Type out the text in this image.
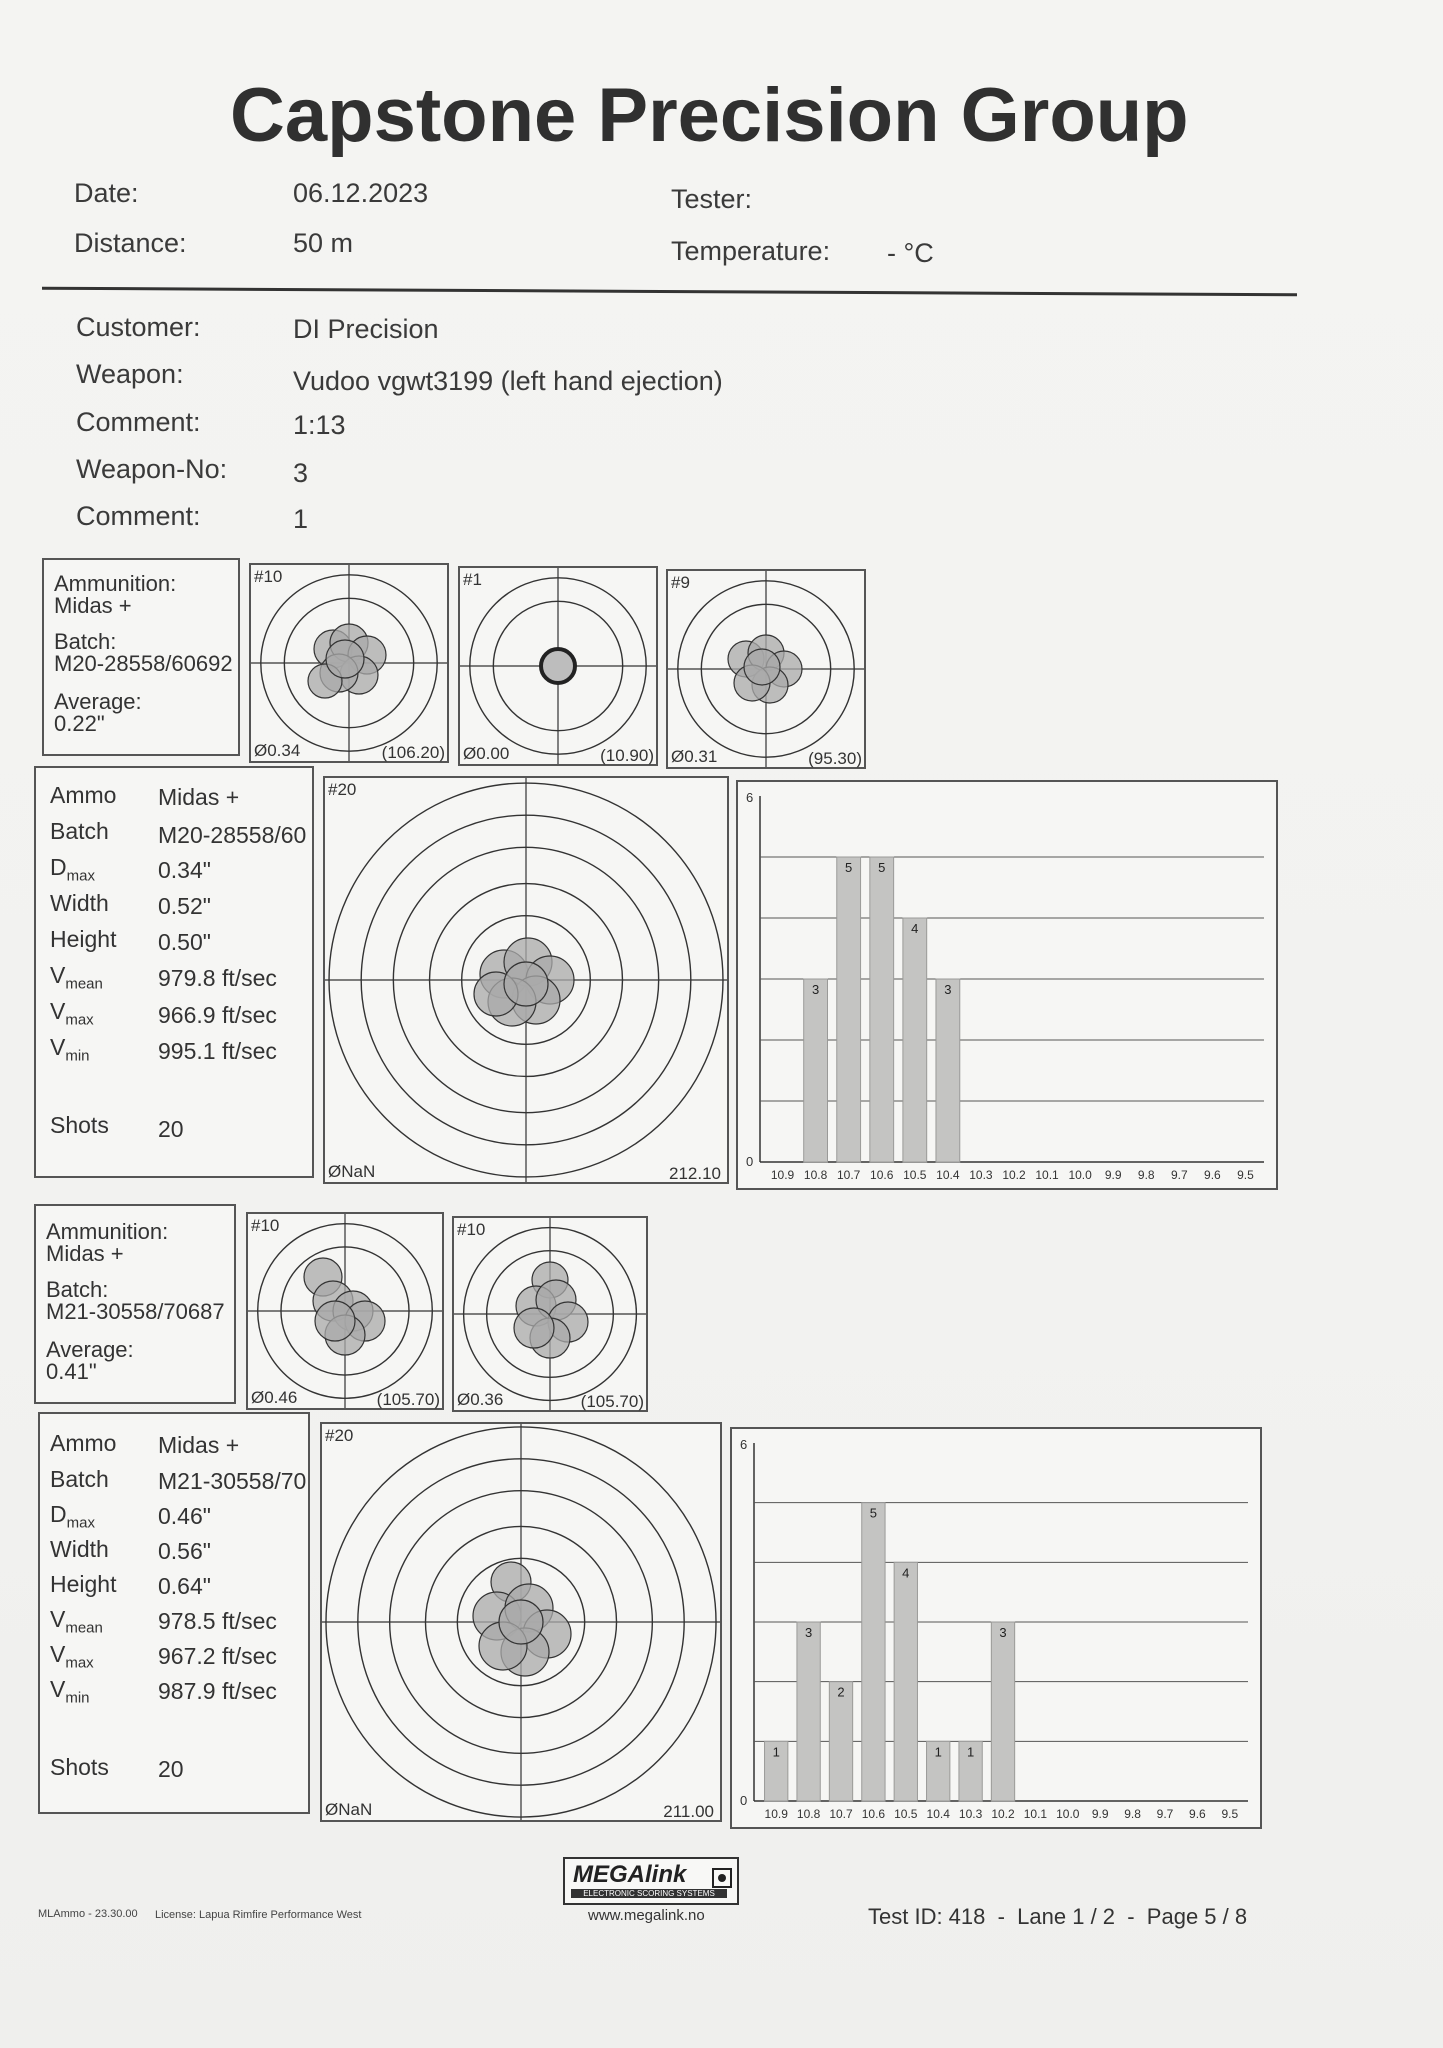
Capstone Precision Group
Date:	06.12.2023
Distance:	50 m
Tester:
Temperature: - °C
Customer:	DI Precision
Weapon:	Vudoo vgwt3199 (left hand ejection)
Comment:	1:13
Weapon-No: 3
Comment:	1
Ammunition:
Midas +
Batch:
M20-28558/60692
Average:
0.22"
#10
Ø0.34	(106.20)
#1
Ø0.00	(10.90)
#9
Ø0.31	(95.30)
Ammo Midas +
Batch M20-28558/60
$D_{max}$	0.34"
Width 0.52"
Height 0.50"
$V_{mean}$ 979.8 ft/sec
$V_{max}$	966.9 ft/sec
$V_{min}$	995.1 ft/sec
Shots 20
#20
ØNaN	212.10
0
6
10.9 10.8
3
10.7
5
10.6
5
10.5
4
10.4
3
10.3 10.2 10.1 10.0 9.9 9.8 9.7 9.6 9.5
Ammunition:
Midas +
Batch:
M21-30558/70687
Average:
0.41"
#10
Ø0.46	(105.70)
#10
Ø0.36	(105.70)
Ammo Midas +
Batch M21-30558/70
$D_{max}$	0.46"
Width 0.56"
Height 0.64"
$V_{mean}$ 978.5 ft/sec
$V_{max}$	967.2 ft/sec
$V_{min}$	987.9 ft/sec
Shots 20
#20
ØNaN	211.00
0
6
10.9
1
10.8
3
10.7
2
10.6
5
10.5
4
10.4
1
10.3
1
10.2
3
10.1 10.0 9.9 9.8 9.7 9.6 9.5
MEGAlink
ELECTRONIC SCORING SYSTEMS
www.megalink.no
MLAmmo - 23.30.00 License: Lapua Rimfire Performance West	Test ID: 418  -  Lane 1 / 2  -  Page 5 / 8
